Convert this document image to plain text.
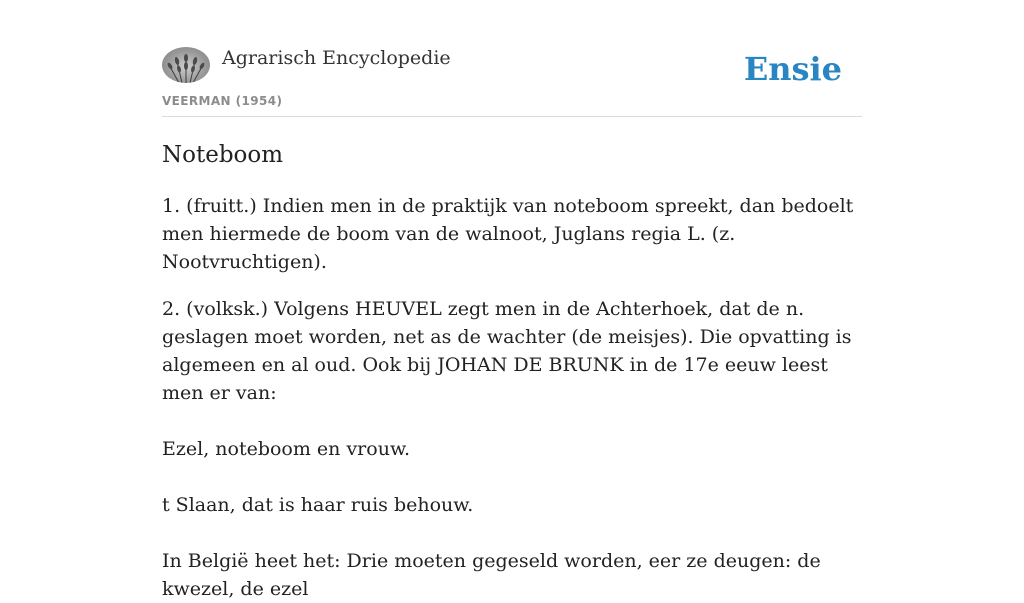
Agrarisch Encyclopedie	Ensie
VEERMAN (1954)
Noteboom

1. (fruitt.) Indien men in de praktijk van noteboom spreekt, dan bedoelt men hiermede de boom van de walnoot, Juglans regia L. (z. Nootvruchtigen).

2. (volksk.) Volgens HEUVEL zegt men in de Achterhoek, dat de n. geslagen moet worden, net as de wachter (de meisjes). Die opvatting is algemeen en al oud. Ook bij JOHAN DE BRUNK in de 17e eeuw leest men er van:

Ezel, noteboom en vrouw.

t Slaan, dat is haar ruis behouw.

In België heet het: Drie moeten gegeseld worden, eer ze deugen: de kwezel, de ezel
